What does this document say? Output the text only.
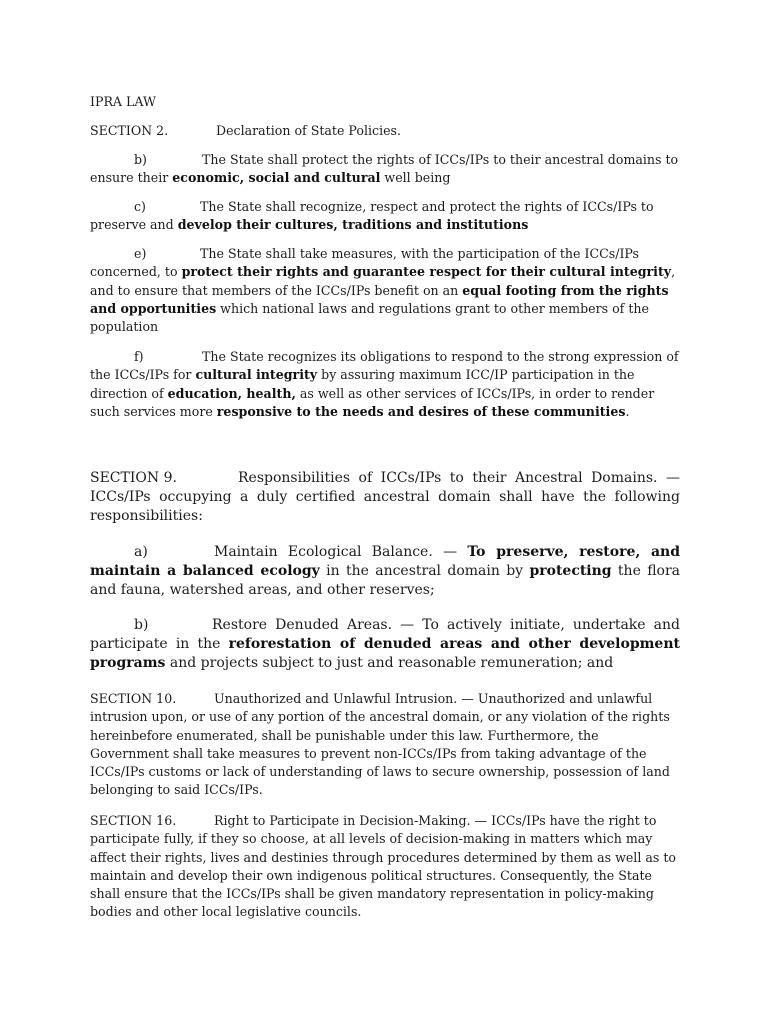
IPRA LAW

SECTION 2.	Declaration of State Policies.

b)	The State shall protect the rights of ICCs/IPs to their ancestral domains to ensure their economic, social and cultural well being

c)	The State shall recognize, respect and protect the rights of ICCs/IPs to preserve and develop their cultures, traditions and institutions

e)	The State shall take measures, with the participation of the ICCs/IPs concerned, to protect their rights and guarantee respect for their cultural integrity, and to ensure that members of the ICCs/IPs benefit on an equal footing from the rights and opportunities which national laws and regulations grant to other members of the population

f)	The State recognizes its obligations to respond to the strong expression of the ICCs/IPs for cultural integrity by assuring maximum ICC/IP participation in the direction of education, health, as well as other services of ICCs/IPs, in order to render such services more responsive to the needs and desires of these communities.

SECTION 9.	Responsibilities of ICCs/IPs to their Ancestral Domains. — ICCs/IPs occupying a duly certified ancestral domain shall have the following responsibilities:

a)	Maintain Ecological Balance. — To preserve, restore, and maintain a balanced ecology in the ancestral domain by protecting the flora and fauna, watershed areas, and other reserves;

b)	Restore Denuded Areas. — To actively initiate, undertake and participate in the reforestation of denuded areas and other development programs and projects subject to just and reasonable remuneration; and

SECTION 10.	Unauthorized and Unlawful Intrusion. — Unauthorized and unlawful intrusion upon, or use of any portion of the ancestral domain, or any violation of the rights hereinbefore enumerated, shall be punishable under this law. Furthermore, the Government shall take measures to prevent non-ICCs/IPs from taking advantage of the ICCs/IPs customs or lack of understanding of laws to secure ownership, possession of land belonging to said ICCs/IPs.

SECTION 16.	Right to Participate in Decision-Making. — ICCs/IPs have the right to participate fully, if they so choose, at all levels of decision-making in matters which may affect their rights, lives and destinies through procedures determined by them as well as to maintain and develop their own indigenous political structures. Consequently, the State shall ensure that the ICCs/IPs shall be given mandatory representation in policy-making bodies and other local legislative councils.
